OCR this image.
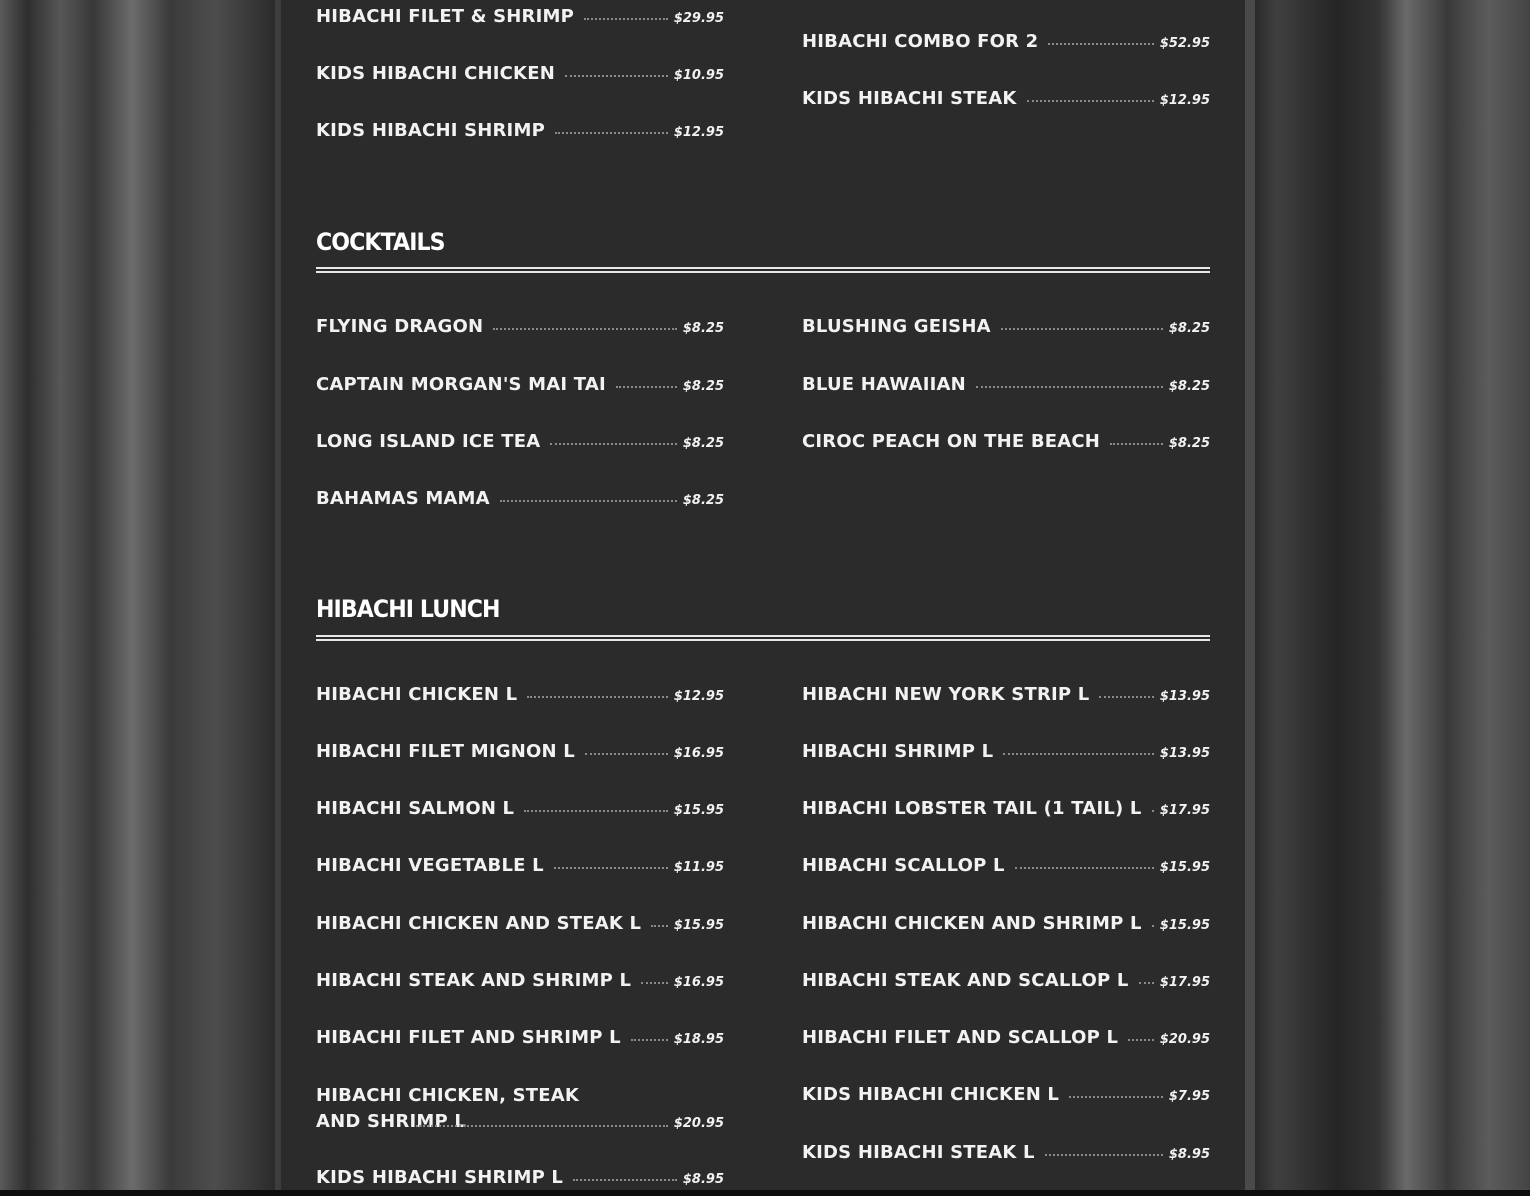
HIBACHI FILET & SHRIMP	$29.95
KIDS HIBACHI CHICKEN	$10.95
KIDS HIBACHI SHRIMP	$12.95
HIBACHI COMBO FOR 2	$52.95
KIDS HIBACHI STEAK	$12.95
COCKTAILS
FLYING DRAGON	$8.25
CAPTAIN MORGAN'S MAI TAI	$8.25
LONG ISLAND ICE TEA	$8.25
BAHAMAS MAMA	$8.25
BLUSHING GEISHA	$8.25
BLUE HAWAIIAN	$8.25
CIROC PEACH ON THE BEACH	$8.25
HIBACHI LUNCH
HIBACHI CHICKEN L	$12.95
HIBACHI FILET MIGNON L	$16.95
HIBACHI SALMON L	$15.95
HIBACHI VEGETABLE L	$11.95
HIBACHI CHICKEN AND STEAK L	$15.95
HIBACHI STEAK AND SHRIMP L	$16.95
HIBACHI FILET AND SHRIMP L	$18.95
HIBACHI CHICKEN, STEAK AND SHRIMP L	$20.95
KIDS HIBACHI SHRIMP L	$8.95
HIBACHI NEW YORK STRIP L	$13.95
HIBACHI SHRIMP L	$13.95
HIBACHI LOBSTER TAIL (1 TAIL) L $17.95
HIBACHI SCALLOP L	$15.95
HIBACHI CHICKEN AND SHRIMP L $15.95
HIBACHI STEAK AND SCALLOP L $17.95
HIBACHI FILET AND SCALLOP L	$20.95
KIDS HIBACHI CHICKEN L	$7.95
KIDS HIBACHI STEAK L	$8.95
